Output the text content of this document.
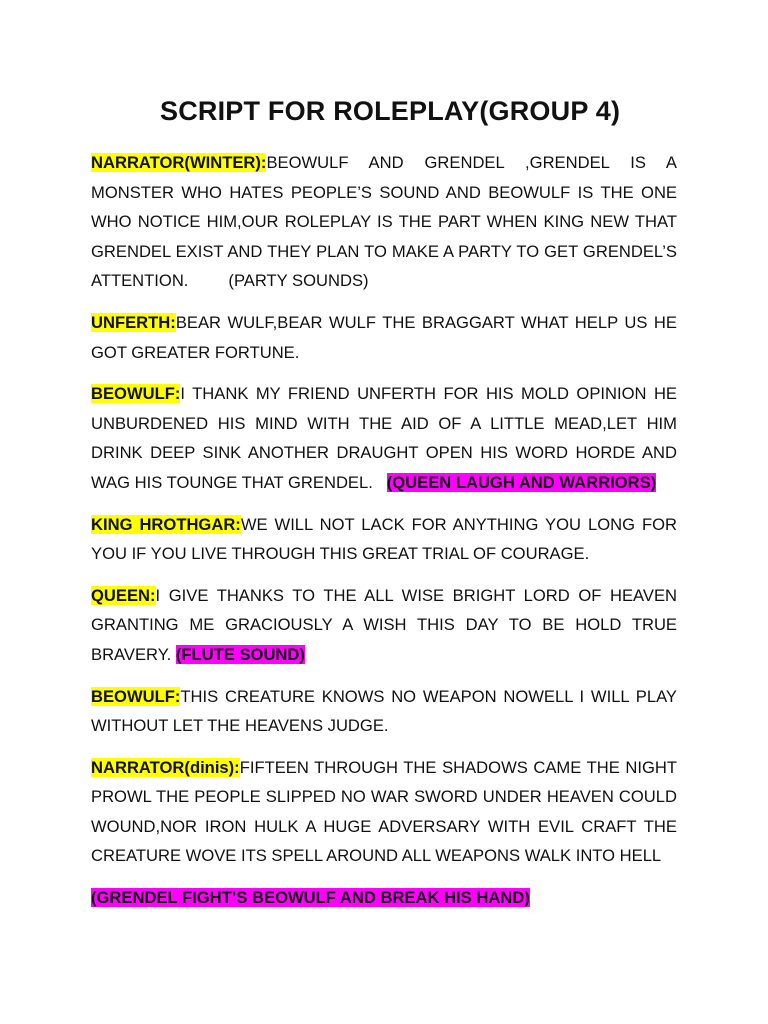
SCRIPT FOR ROLEPLAY(GROUP 4)

NARRATOR(WINTER):BEOWULF AND GRENDEL ,GRENDEL IS A MONSTER WHO HATES PEOPLE’S SOUND AND BEOWULF IS THE ONE WHO NOTICE HIM,OUR ROLEPLAY IS THE PART WHEN KING NEW THAT GRENDEL EXIST AND THEY PLAN TO MAKE A PARTY TO GET GRENDEL’S ATTENTION. (PARTY SOUNDS)

UNFERTH:BEAR WULF,BEAR WULF THE BRAGGART WHAT HELP US HE GOT GREATER FORTUNE.

BEOWULF:I THANK MY FRIEND UNFERTH FOR HIS MOLD OPINION HE UNBURDENED HIS MIND WITH THE AID OF A LITTLE MEAD,LET HIM DRINK DEEP SINK ANOTHER DRAUGHT OPEN HIS WORD HORDE AND WAG HIS TOUNGE THAT GRENDEL. (QUEEN LAUGH AND WARRIORS)

KING HROTHGAR:WE WILL NOT LACK FOR ANYTHING YOU LONG FOR YOU IF YOU LIVE THROUGH THIS GREAT TRIAL OF COURAGE.

QUEEN:I GIVE THANKS TO THE ALL WISE BRIGHT LORD OF HEAVEN GRANTING ME GRACIOUSLY A WISH THIS DAY TO BE HOLD TRUE BRAVERY. (FLUTE SOUND)

BEOWULF:THIS CREATURE KNOWS NO WEAPON NOWELL I WILL PLAY WITHOUT LET THE HEAVENS JUDGE.

NARRATOR(dinis):FIFTEEN THROUGH THE SHADOWS CAME THE NIGHT PROWL THE PEOPLE SLIPPED NO WAR SWORD UNDER HEAVEN COULD WOUND,NOR IRON HULK A HUGE ADVERSARY WITH EVIL CRAFT THE CREATURE WOVE ITS SPELL AROUND ALL WEAPONS WALK INTO HELL

(GRENDEL FIGHT’S BEOWULF AND BREAK HIS HAND)
